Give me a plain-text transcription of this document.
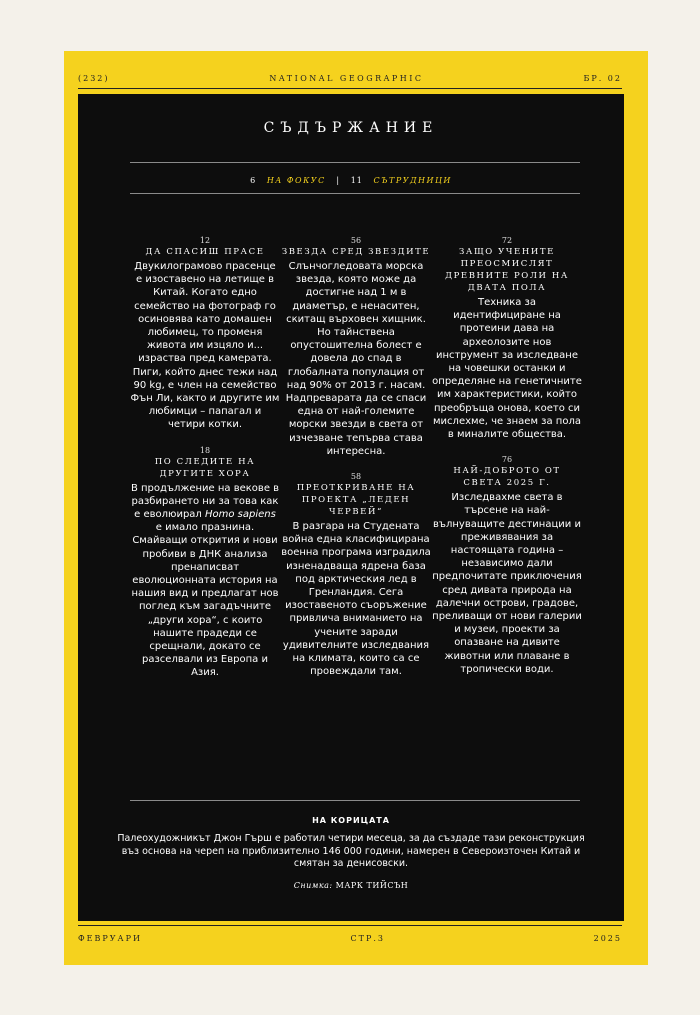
(232)	NATIONAL GEOGRAPHIC	БР. 02
СЪДЪРЖАНИЕ
6 НА ФОКУС | 11 СЪТРУДНИЦИ
12
ДА СПАСИШ ПРАСЕ
Двукилограмово прасенце е изоставено на летище в Китай. Когато едно семейство на фотограф го осиновява като домашен любимец, то променя живота им изцяло и... израства пред камерата. Пиги, който днес тежи над 90 kg, е член на семейство Фън Ли, както и другите им любимци – папагал и четири котки.
18
ПО СЛЕДИТЕ НА ДРУГИТЕ ХОРА
В продължение на векове в разбирането ни за това как е еволюирал Homo sapiens е имало празнина. Смайващи открития и нови пробиви в ДНК анализа пренаписват еволюционната история на нашия вид и предлагат нов поглед към загадъчните „други хора“, с които нашите прадеди се срещнали, докато се разселвали из Европа и Азия.
56
ЗВЕЗДА СРЕД ЗВЕЗДИТЕ
Слънчогледовата морска звезда, която може да достигне над 1 м в диаметър, е ненаситен, скитащ върховен хищник. Но тайнствена опустошителна болест е довела до спад в глобалната популация от над 90% от 2013 г. насам. Надпреварата да се спаси една от най-големите морски звезди в света от изчезване тепърва става интересна.
58
ПРЕОТКРИВАНЕ НА ПРОЕКТА „ЛЕДЕН ЧЕРВЕЙ“
В разгара на Студената война една класифицирана военна програма изградила изненадваща ядрена база под арктическия лед в Гренландия. Сега изоставеното съоръжение привлича вниманието на учените заради удивителните изследвания на климата, които са се провеждали там.
72
ЗАЩО УЧЕНИТЕ ПРЕОСМИСЛЯТ ДРЕВНИТЕ РОЛИ НА ДВАТА ПОЛА
Техника за идентифициране на протеини дава на археолозите нов инструмент за изследване на човешки останки и определяне на генетичните им характеристики, който преобръща онова, което си мислехме, че знаем за пола в миналите общества.
76
НАЙ-ДОБРОТО ОТ СВЕТА 2025 Г.
Изследвахме света в търсене на най-вълнуващите дестинации и преживявания за настоящата година – независимо дали предпочитате приключения сред дивата природа на далечни острови, градове, преливащи от нови галерии и музеи, проекти за опазване на дивите животни или плаване в тропически води.
НА КОРИЦАТА
Палеохудожникът Джон Гърш е работил четири месеца, за да създаде тази реконструкция въз основа на череп на приблизително 146 000 години, намерен в Североизточен Китай и смятан за денисовски.
Снимка: МАРК ТИЙСЪН
ФЕВРУАРИ	СТР.3	2025
